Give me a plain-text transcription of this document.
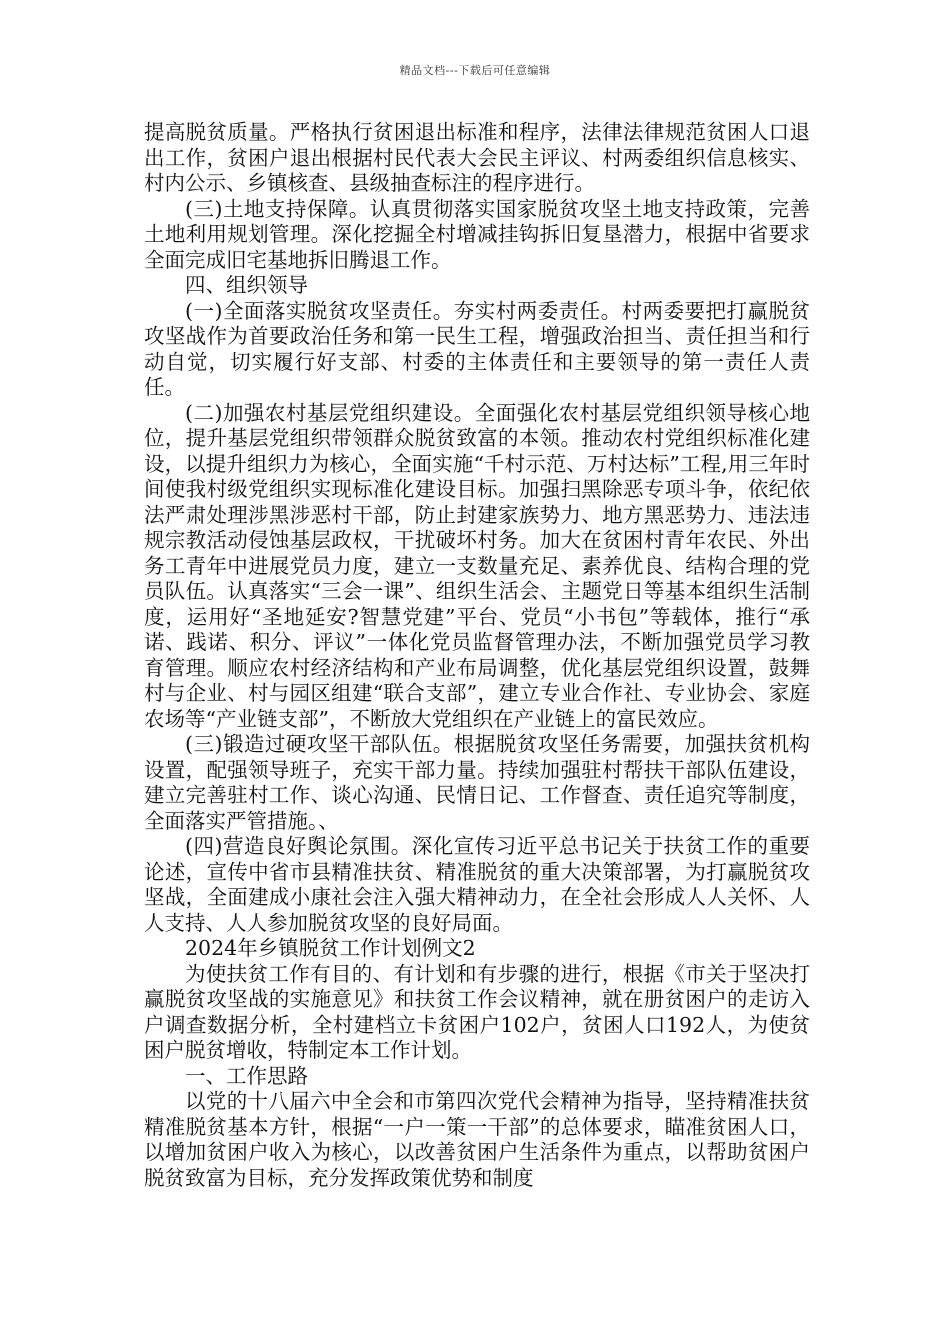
精品文档---下载后可任意编辑

提高脱贫质量。严格执行贫困退出标准和程序，法律法律规范贫困人口退出工作，贫困户退出根据村民代表大会民主评议、村两委组织信息核实、村内公示、乡镇核查、县级抽查标注的程序进行。

(三)土地支持保障。认真贯彻落实国家脱贫攻坚土地支持政策，完善土地利用规划管理。深化挖掘全村增减挂钩拆旧复垦潜力，根据中省要求全面完成旧宅基地拆旧腾退工作。

四、组织领导

(一)全面落实脱贫攻坚责任。夯实村两委责任。村两委要把打赢脱贫攻坚战作为首要政治任务和第一民生工程，增强政治担当、责任担当和行动自觉，切实履行好支部、村委的主体责任和主要领导的第一责任人责任。

(二)加强农村基层党组织建设。全面强化农村基层党组织领导核心地位，提升基层党组织带领群众脱贫致富的本领。推动农村党组织标准化建设，以提升组织力为核心，全面实施“千村示范、万村达标”工程,用三年时间使我村级党组织实现标准化建设目标。加强扫黑除恶专项斗争，依纪依法严肃处理涉黑涉恶村干部，防止封建家族势力、地方黑恶势力、违法违规宗教活动侵蚀基层政权，干扰破坏村务。加大在贫困村青年农民、外出务工青年中进展党员力度，建立一支数量充足、素养优良、结构合理的党员队伍。认真落实“三会一课”、组织生活会、主题党日等基本组织生活制度，运用好“圣地延安?智慧党建”平台、党员“小书包”等载体，推行“承诺、践诺、积分、评议”一体化党员监督管理办法，不断加强党员学习教育管理。顺应农村经济结构和产业布局调整，优化基层党组织设置，鼓舞村与企业、村与园区组建“联合支部”，建立专业合作社、专业协会、家庭农场等“产业链支部”，不断放大党组织在产业链上的富民效应。

(三)锻造过硬攻坚干部队伍。根据脱贫攻坚任务需要，加强扶贫机构设置，配强领导班子，充实干部力量。持续加强驻村帮扶干部队伍建设，建立完善驻村工作、谈心沟通、民情日记、工作督查、责任追究等制度，全面落实严管措施。、

(四)营造良好舆论氛围。深化宣传习近平总书记关于扶贫工作的重要论述，宣传中省市县精准扶贫、精准脱贫的重大决策部署，为打赢脱贫攻坚战，全面建成小康社会注入强大精神动力，在全社会形成人人关怀、人人支持、人人参加脱贫攻坚的良好局面。

2024年乡镇脱贫工作计划例文2

为使扶贫工作有目的、有计划和有步骤的进行，根据《市关于坚决打赢脱贫攻坚战的实施意见》和扶贫工作会议精神，就在册贫困户的走访入户调查数据分析，全村建档立卡贫困户102户，贫困人口192人，为使贫困户脱贫增收，特制定本工作计划。

一、工作思路

以党的十八届六中全会和市第四次党代会精神为指导，坚持精准扶贫精准脱贫基本方针，根据“一户一策一干部”的总体要求，瞄准贫困人口，以增加贫困户收入为核心，以改善贫困户生活条件为重点，以帮助贫困户脱贫致富为目标，充分发挥政策优势和制度
